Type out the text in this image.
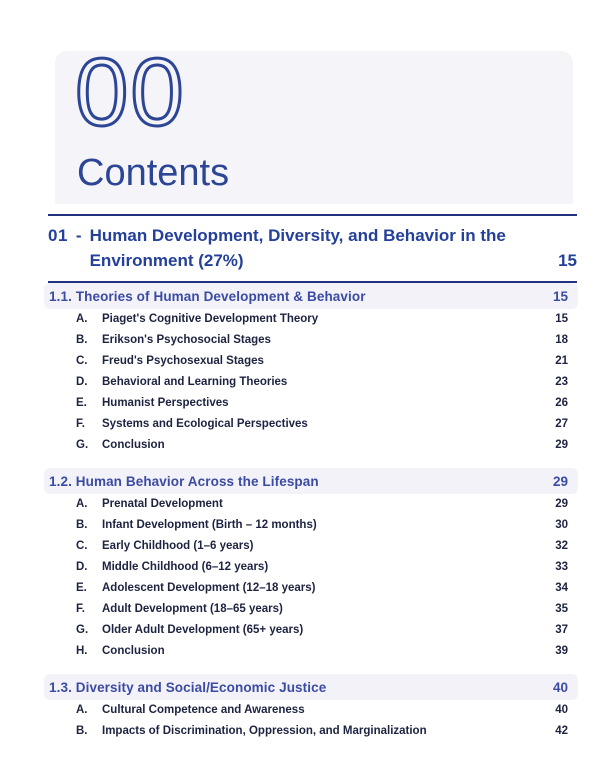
00
Contents
01 - Human Development, Diversity, and Behavior in the Environment (27%)	15
1.1. Theories of Human Development & Behavior	15
A.	Piaget's Cognitive Development Theory	15
B.	Erikson's Psychosocial Stages	18
C.	Freud's Psychosexual Stages	21
D.	Behavioral and Learning Theories	23
E.	Humanist Perspectives	26
F.	Systems and Ecological Perspectives	27
G.	Conclusion	29
1.2. Human Behavior Across the Lifespan	29
A.	Prenatal Development	29
B.	Infant Development (Birth – 12 months)	30
C.	Early Childhood (1–6 years)	32
D.	Middle Childhood (6–12 years)	33
E.	Adolescent Development (12–18 years)	34
F.	Adult Development (18–65 years)	35
G.	Older Adult Development (65+ years)	37
H.	Conclusion	39
1.3. Diversity and Social/Economic Justice	40
A.	Cultural Competence and Awareness	40
B.	Impacts of Discrimination, Oppression, and Marginalization	42
